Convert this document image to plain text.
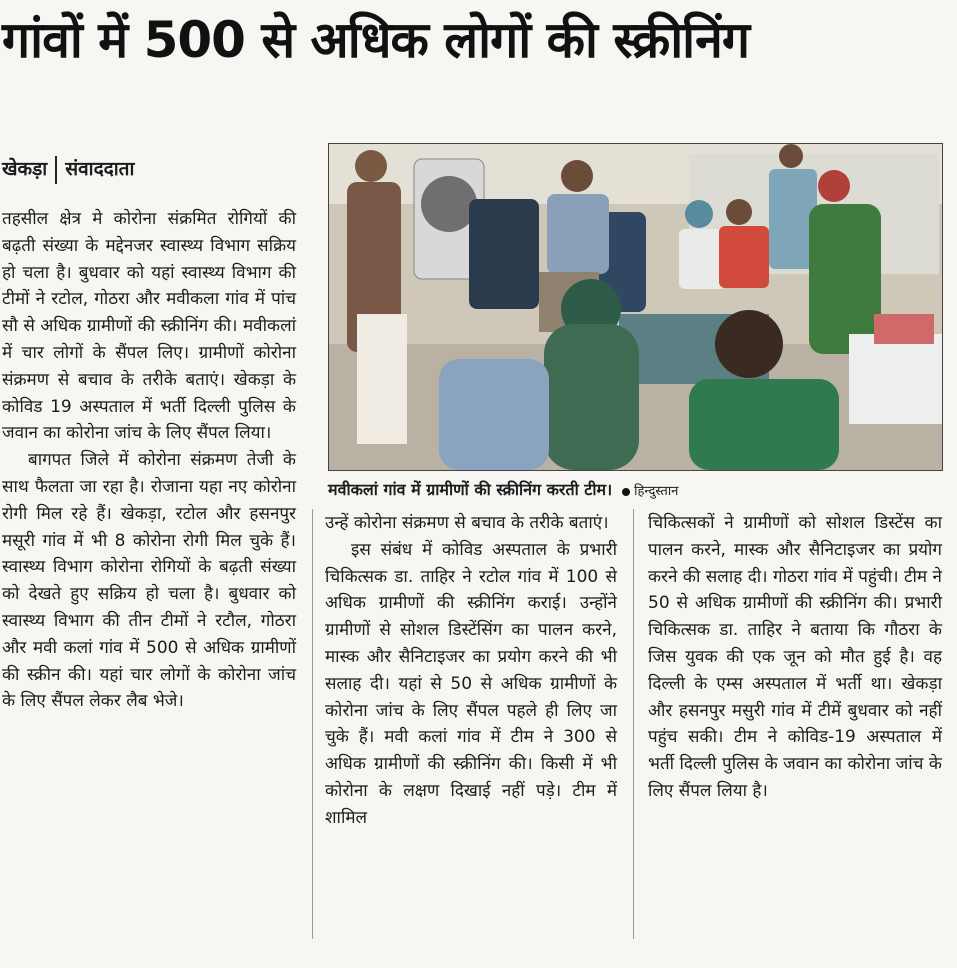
गांवों में 500 से अधिक लोगों की स्क्रीनिंग
खेकड़ा संवाददाता

तहसील क्षेत्र मे कोरोना संक्रमित रोगियों की बढ़ती संख्या के मद्देनजर स्वास्थ्य विभाग सक्रिय हो चला है। बुधवार को यहां स्वास्थ्य विभाग की टीमों ने रटोल, गोठरा और मवीकला गांव में पांच सौ से अधिक ग्रामीणों की स्क्रीनिंग की। मवीकलां में चार लोगों के सैंपल लिए। ग्रामीणों कोरोना संक्रमण से बचाव के तरीके बताएं। खेकड़ा के कोविड 19 अस्पताल में भर्ती दिल्ली पुलिस के जवान का कोरोना जांच के लिए सैंपल लिया।

बागपत जिले में कोरोना संक्रमण तेजी के साथ फैलता जा रहा है। रोजाना यहा नए कोरोना रोगी मिल रहे हैं। खेकड़ा, रटोल और हसनपुर मसूरी गांव में भी 8 कोरोना रोगी मिल चुके हैं। स्वास्थ्य विभाग कोरोना रोगियों के बढ़ती संख्या को देखते हुए सक्रिय हो चला है। बुधवार को स्वास्थ्य विभाग की तीन टीमों ने रटौल, गोठरा और मवी कलां गांव में 500 से अधिक ग्रामीणों की स्क्रीन की। यहां चार लोगों के कोरोना जांच के लिए सैंपल लेकर लैब भेजे।

मवीकलां गांव में ग्रामीणों की स्क्रीनिंग करती टीम। हिन्दुस्तान

उन्हें कोरोना संक्रमण से बचाव के तरीके बताएं।

इस संबंध में कोविड अस्पताल के प्रभारी चिकित्सक डा. ताहिर ने रटोल गांव में 100 से अधिक ग्रामीणों की स्क्रीनिंग कराई। उन्होंने ग्रामीणों से सोशल डिस्टेंसिंग का पालन करने, मास्क और सैनिटाइजर का प्रयोग करने की भी सलाह दी। यहां से 50 से अधिक ग्रामीणों के कोरोना जांच के लिए सैंपल पहले ही लिए जा चुके हैं। मवी कलां गांव में टीम ने 300 से अधिक ग्रामीणों की स्क्रीनिंग की। किसी में भी कोरोना के लक्षण दिखाई नहीं पड़े। टीम में शामिल

चिकित्सकों ने ग्रामीणों को सोशल डिस्टेंस का पालन करने, मास्क और सैनिटाइजर का प्रयोग करने की सलाह दी। गोठरा गांव में पहुंची। टीम ने 50 से अधिक ग्रामीणों की स्क्रीनिंग की। प्रभारी चिकित्सक डा. ताहिर ने बताया कि गौठरा के जिस युवक की एक जून को मौत हुई है। वह दिल्ली के एम्स अस्पताल में भर्ती था। खेकड़ा और हसनपुर मसुरी गांव में टीमें बुधवार को नहीं पहुंच सकी। टीम ने कोविड-19 अस्पताल में भर्ती दिल्ली पुलिस के जवान का कोरोना जांच के लिए सैंपल लिया है।
